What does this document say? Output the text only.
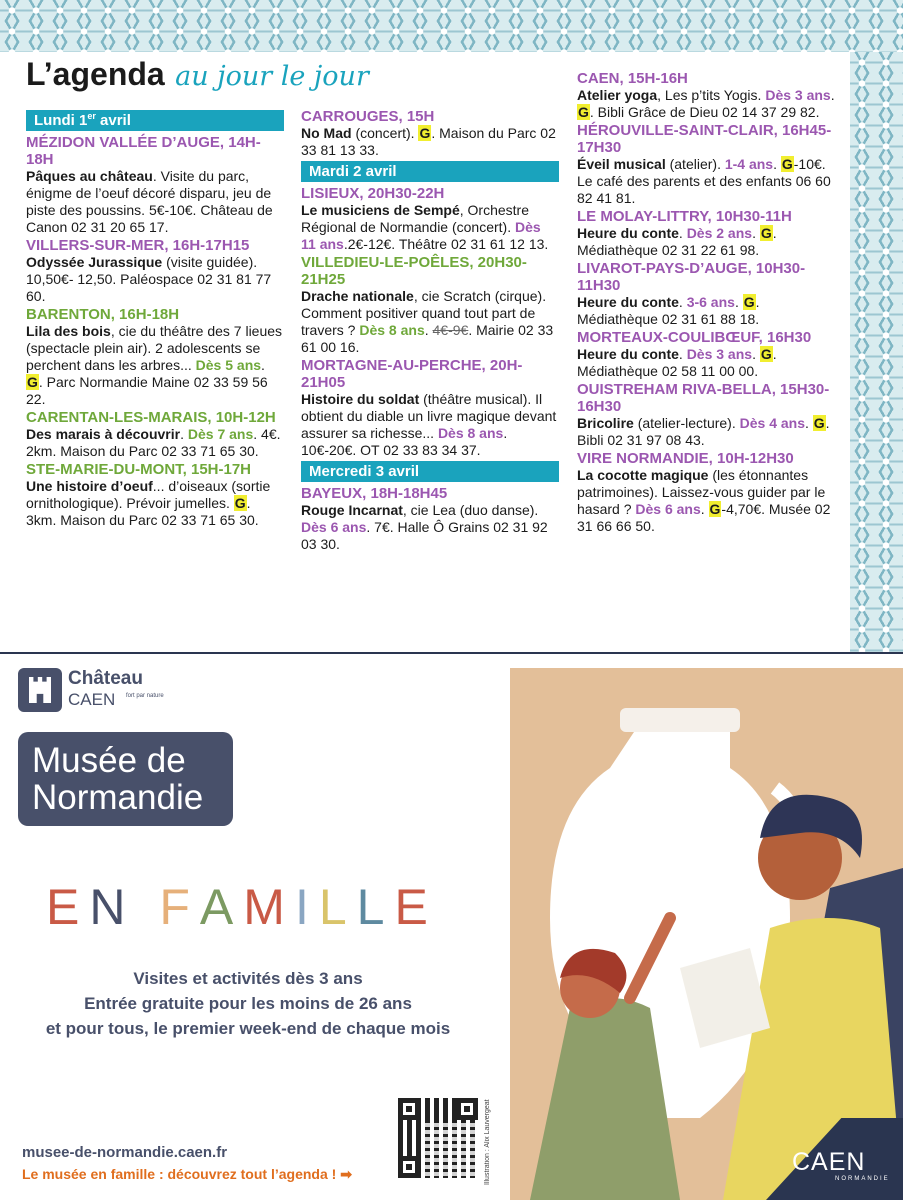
L’agenda au jour le jour
Lundi 1er avril
MÉZIDON VALLÉE D’AUGE, 14H-18H
Pâques au château. Visite du parc, énigme de l’oeuf décoré disparu, jeu de piste des poussins. 5€-10€. Château de Canon 02 31 20 65 17.
VILLERS-SUR-MER, 16H-17H15
Odyssée Jurassique (visite guidée). 10,50€- 12,50. Paléospace 02 31 81 77 60.
BARENTON, 16H-18H
Lila des bois, cie du théâtre des 7 lieues (spectacle plein air). 2 adolescents se perchent dans les arbres... Dès 5 ans. G. Parc Normandie Maine 02 33 59 56 22.
CARENTAN-LES-MARAIS, 10H-12H
Des marais à découvrir. Dès 7 ans. 4€. 2km. Maison du Parc 02 33 71 65 30.
STE-MARIE-DU-MONT, 15H-17H
Une histoire d’oeuf... d’oiseaux (sortie ornithologique). Prévoir jumelles. G. 3km. Maison du Parc 02 33 71 65 30.
CARROUGES, 15H
No Mad (concert). G. Maison du Parc 02 33 81 13 33.
Mardi 2 avril
LISIEUX, 20H30-22H
Le musiciens de Sempé, Orchestre Régional de Normandie (concert). Dès 11 ans.2€-12€. Théâtre 02 31 61 12 13.
VILLEDIEU-LE-POÊLES, 20H30-21H25
Drache nationale, cie Scratch (cirque). Comment positiver quand tout part de travers ? Dès 8 ans. 4€-9€. Mairie 02 33 61 00 16.
MORTAGNE-AU-PERCHE, 20H-21H05
Histoire du soldat (théâtre musical). Il obtient du diable un livre magique devant assurer sa richesse... Dès 8 ans. 10€-20€. OT 02 33 83 34 37.
Mercredi 3 avril
BAYEUX, 18H-18H45
Rouge Incarnat, cie Lea (duo danse). Dès 6 ans. 7€. Halle Ô Grains 02 31 92 03 30.
CAEN, 15H-16H
Atelier yoga, Les p’tits Yogis. Dès 3 ans. G. Bibli Grâce de Dieu 02 14 37 29 82.
HÉROUVILLE-SAINT-CLAIR, 16H45-17H30
Éveil musical (atelier). 1-4 ans. G-10€. Le café des parents et des enfants 06 60 82 41 81.
LE MOLAY-LITTRY, 10H30-11H
Heure du conte. Dès 2 ans. G. Médiathèque 02 31 22 61 98.
LIVAROT-PAYS-D’AUGE, 10H30-11H30
Heure du conte. 3-6 ans. G. Médiathèque 02 31 61 88 18.
MORTEAUX-COULIBŒUF, 16H30
Heure du conte. Dès 3 ans. G. Médiathèque 02 58 11 00 00.
OUISTREHAM RIVA-BELLA, 15H30-16H30
Bricolire (atelier-lecture). Dès 4 ans. G. Bibli 02 31 97 08 43.
VIRE NORMANDIE, 10H-12H30
La cocotte magique (les étonnantes patrimoines). Laissez-vous guider par le hasard ? Dès 6 ans. G-4,70€. Musée 02 31 66 66 50.
Château
CAEN fort par nature
Musée de
Normandie
EN FAMILLE
Visites et activités dès 3 ans
Entrée gratuite pour les moins de 26 ans
et pour tous, le premier week-end de chaque mois
Illustration : Alix Lauvergeat
musee-de-normandie.caen.fr
Le musée en famille : découvrez tout l’agenda ! ➡	CAEN
NORMANDIE
